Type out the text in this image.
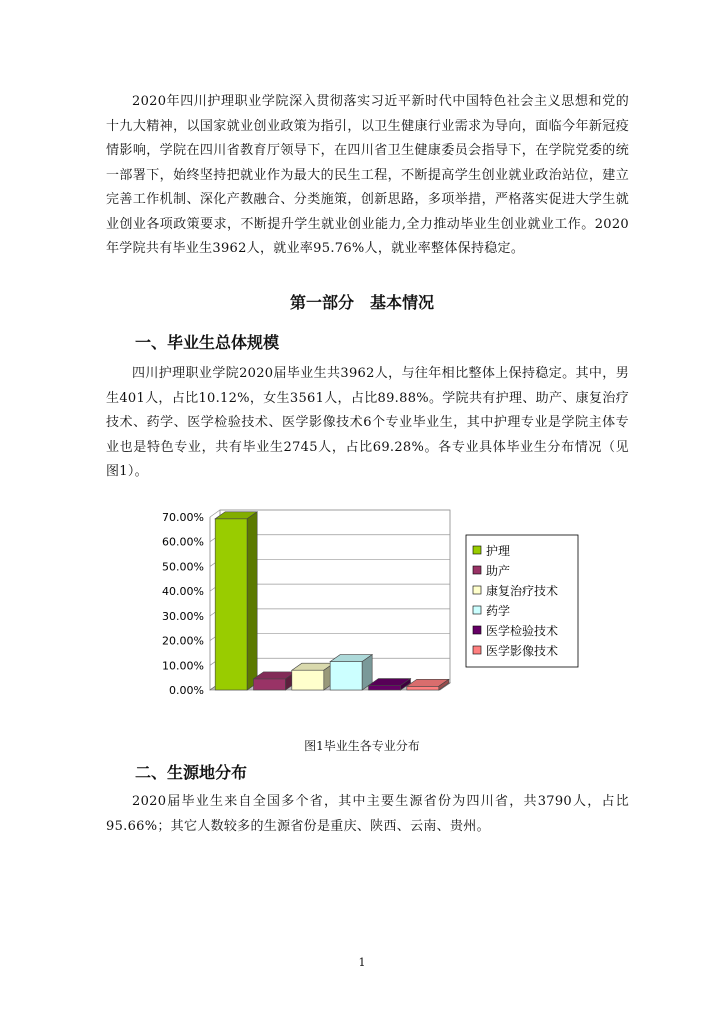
2020年四川护理职业学院深入贯彻落实习近平新时代中国特色社会主义思想和党的十九大精神，以国家就业创业政策为指引，以卫生健康行业需求为导向，面临今年新冠疫情影响，学院在四川省教育厅领导下，在四川省卫生健康委员会指导下，在学院党委的统一部署下，始终坚持把就业作为最大的民生工程，不断提高学生创业就业政治站位，建立完善工作机制、深化产教融合、分类施策，创新思路，多项举措，严格落实促进大学生就业创业各项政策要求，不断提升学生就业创业能力,全力推动毕业生创业就业工作。2020年学院共有毕业生3962人，就业率95.76%人，就业率整体保持稳定。

第一部分　基本情况
一、毕业生总体规模

四川护理职业学院2020届毕业生共3962人，与往年相比整体上保持稳定。其中，男生401人，占比10.12%，女生3561人，占比89.88%。学院共有护理、助产、康复治疗技术、药学、医学检验技术、医学影像技术6个专业毕业生，其中护理专业是学院主体专业也是特色专业，共有毕业生2745人，占比69.28%。各专业具体毕业生分布情况（见图1）。

0.00%
10.00%
20.00%
30.00%
40.00%
50.00%
60.00%
70.00%
护理
助产
康复治疗技术
药学
医学检验技术
医学影像技术

图1毕业生各专业分布

二、生源地分布

2020届毕业生来自全国多个省，其中主要生源省份为四川省，共3790人，占比95.66%；其它人数较多的生源省份是重庆、陕西、云南、贵州。

1
